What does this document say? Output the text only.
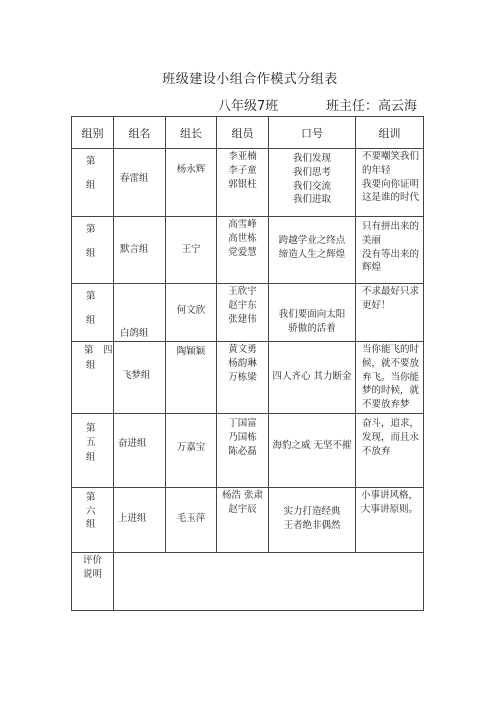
班级建设小组合作模式分组表
八年级7班	班主任：高云海
组别	组名	组长	组员	口号	组训

第
组	春雷组	杨永辉	李亚楠
李子童
郭银柱	我们发现
我们思考
我们交流
我们进取	不要嘲笑我们的年轻
我要向你证明这是谁的时代

第
组	默言组	王宁	高雪峰
高世栋
党爱慧	跨越学业之终点
缔造人生之辉煌	只有拼出来的美丽
没有等出来的辉煌

第
组	白鸽组	何文欣	王欣宇
赵宇东
张建伟	我们要面向太阳
骄傲的活着	不求最好只求更好！

第　四
组	飞梦组	陶颖颖	黄文勇
杨韵琳
万栋梁	四人齐心 其力断金	当你能飞的时候，就不要放弃飞。当你能梦的时候，就不要放弃梦

第
五
组	奋进组	万嘉宝	丁国富
乃国栋
陈必磊	海豹之威 无坚不摧	奋斗，追求，发现，而且永不放弃

第
六
组	上进组	毛玉萍	杨浩 张肃
赵宇辰	实力打造经典
王者绝非偶然	小事讲风格，
大事讲原则。

评价
说明					
